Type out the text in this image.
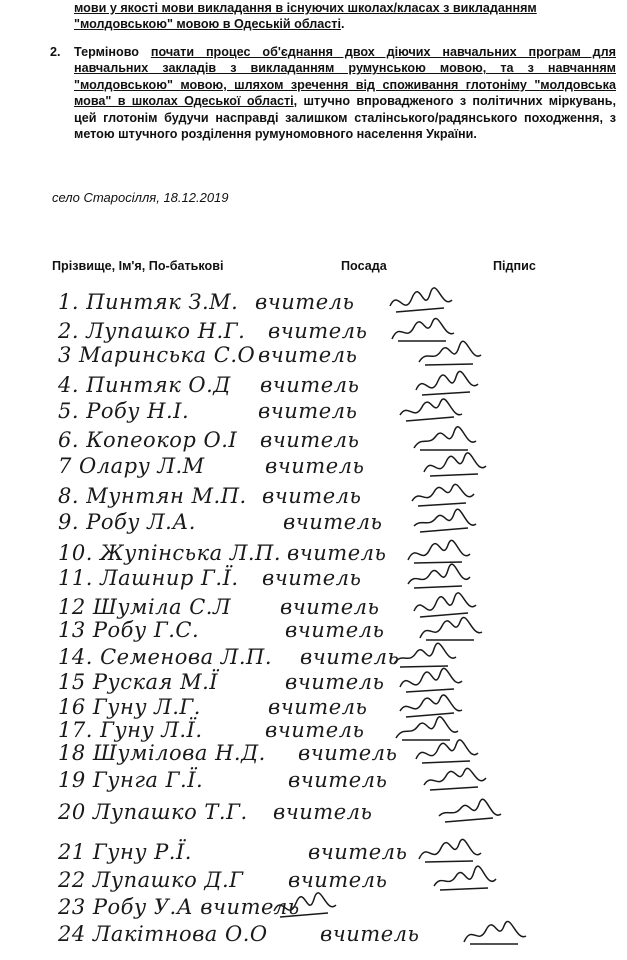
мови у якості мови викладання в існуючих школах/класах з викладанням
"молдовською" мовою в Одеській області.
2. Терміново почати процес об'єднання двох діючих навчальних програм для навчальних закладів з викладанням румунською мовою, та з навчанням "молдовською" мовою, шляхом зречення від споживання глотоніму "молдовська мова" в школах Одеської області, штучно впровадженого з політичних міркувань, цей глотонім будучи насправді залишком сталінського/радянського походження, з метою штучного розділення румуномовного населення України.
село Старосілля, 18.12.2019
Прізвище, Ім'я, По-батькові	Посада	Підпис
1. Пинтяк З.М. вчитель
2. Лупашко Н.Г. вчитель
3 Маринська С.О вчитель
4. Пинтяк О.Д вчитель
5. Робу Н.І.	вчитель
6. Копеокор О.І вчитель
7 Олару Л.М	вчитель
8. Мунтян М.П. вчитель
9. Робу Л.А.	вчитель
10. Жупінська Л.П. вчитель
11. Лашнир Г.Ї. вчитель
12 Шуміла С.Л вчитель
13 Робу Г.С.	вчитель
14. Семенова Л.П. вчитель
15 Руская М.Ї	вчитель
16 Гуну Л.Г.	вчитель
17. Гуну Л.Ї.	вчитель
18 Шумілова Н.Д. вчитель
19 Гунга Г.Ї.	вчитель
20 Лупашко Т.Г. вчитель
21 Гуну Р.Ї.	вчитель
22 Лупашко Д.Г вчитель
23 Робу У.А вчитель
24 Лакітнова О.О вчитель
